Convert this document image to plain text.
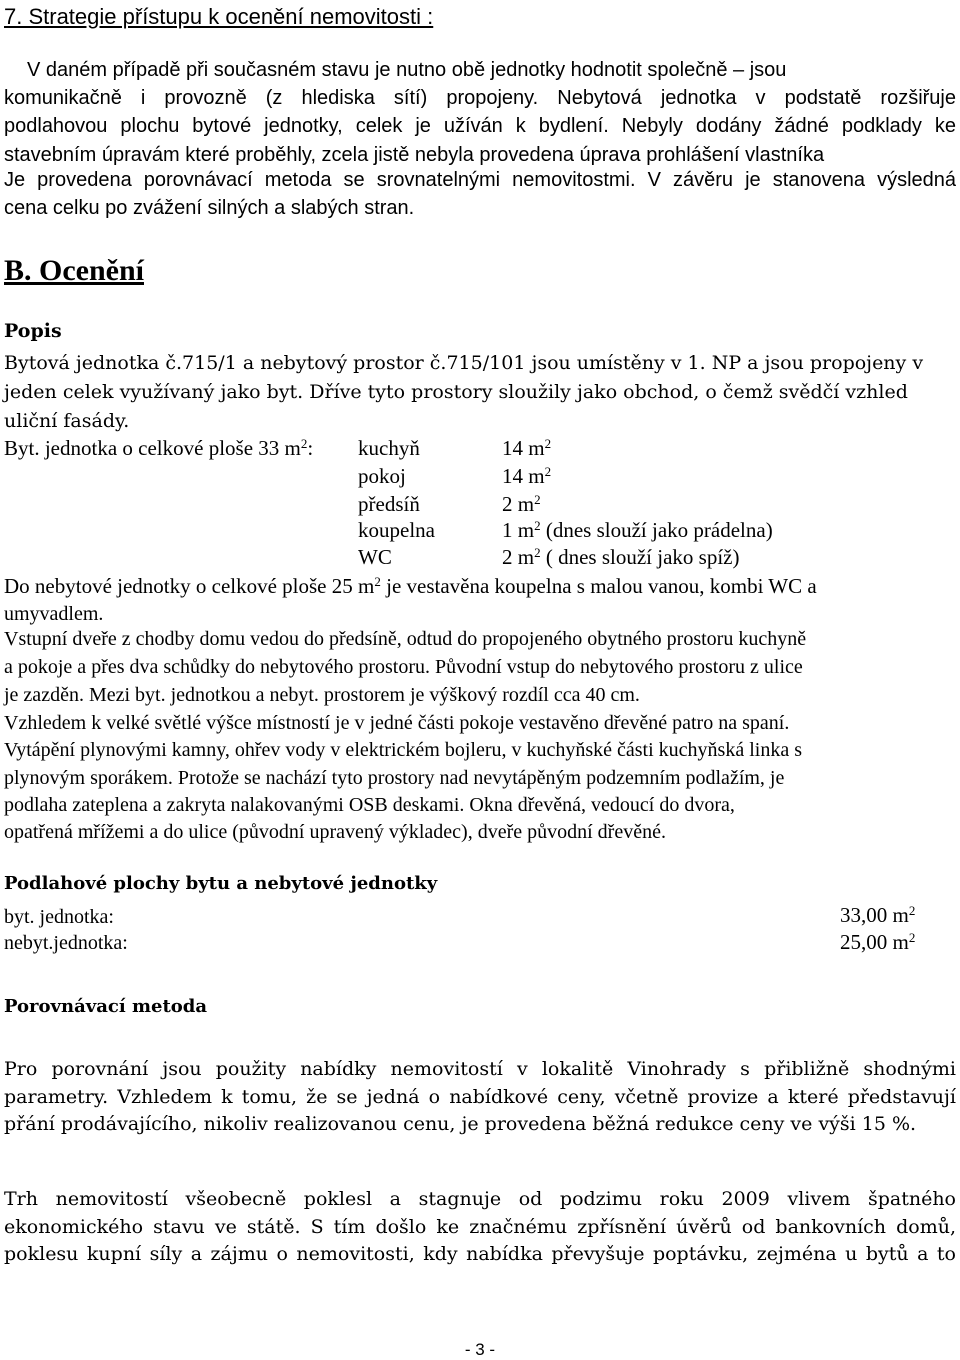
7. Strategie přístupu k ocenění nemovitosti :
V daném případě při současném stavu je nutno obě jednotky hodnotit společně – jsou
komunikačně i provozně (z hlediska sítí) propojeny. Nebytová jednotka v podstatě rozšiřuje
podlahovou plochu bytové jednotky, celek je užíván k bydlení. Nebyly dodány žádné podklady ke
stavebním úpravám které proběhly, zcela jistě nebyla provedena úprava prohlášení vlastníka
Je provedena porovnávací metoda se srovnatelnými nemovitostmi. V závěru je stanovena výsledná
cena celku po zvážení silných a slabých stran.
B. Ocenění
Popis
Bytová jednotka č.715/1 a nebytový prostor č.715/101 jsou umístěny v 1. NP a jsou propojeny v
jeden celek využívaný jako byt. Dříve tyto prostory sloužily jako obchod, o čemž svědčí vzhled
uliční fasády.
Byt. jednotka o celkové ploše 33 $m^2$: kuchyň	14 $m^2$
pokoj	14 $m^2$
předsíň	2 $m^2$
koupelna	1 $m^2$ (dnes slouží jako prádelna)
WC	2 $m^2$ ( dnes slouží jako spíž)
Do nebytové jednotky o celkové ploše 25 $m^2$ je vestavěna koupelna s malou vanou, kombi WC a
umyvadlem.
Vstupní dveře z chodby domu vedou do předsíně, odtud do propojeného obytného prostoru kuchyně
a pokoje a přes dva schůdky do nebytového prostoru. Původní vstup do nebytového prostoru z ulice
je zazděn. Mezi byt. jednotkou a nebyt. prostorem je výškový rozdíl cca 40 cm.
Vzhledem k velké světlé výšce místností je v jedné části pokoje vestavěno dřevěné patro na spaní.
Vytápění plynovými kamny, ohřev vody v elektrickém bojleru, v kuchyňské části kuchyňská linka s
plynovým sporákem. Protože se nachází tyto prostory nad nevytápěným podzemním podlažím, je
podlaha zateplena a zakryta nalakovanými OSB deskami. Okna dřevěná, vedoucí do dvora,
opatřená mřížemi a do ulice (původní upravený výkladec), dveře původní dřevěné.
Podlahové plochy bytu a nebytové jednotky
byt. jednotka:	33,00 $m^2$
nebyt.jednotka:	25,00 $m^2$
Porovnávací metoda
Pro porovnání jsou použity nabídky nemovitostí v lokalitě Vinohrady s přibližně shodnými
parametry. Vzhledem k tomu, že se jedná o nabídkové ceny, včetně provize a které představují
přání prodávajícího, nikoliv realizovanou cenu, je provedena běžná redukce ceny ve výši 15 %.
Trh nemovitostí všeobecně poklesl a stagnuje od podzimu roku 2009 vlivem špatného
ekonomického stavu ve státě. S tím došlo ke značnému zpřísnění úvěrů od bankovních domů,
poklesu kupní síly a zájmu o nemovitosti, kdy nabídka převyšuje poptávku, zejména u bytů a to
- 3 -
